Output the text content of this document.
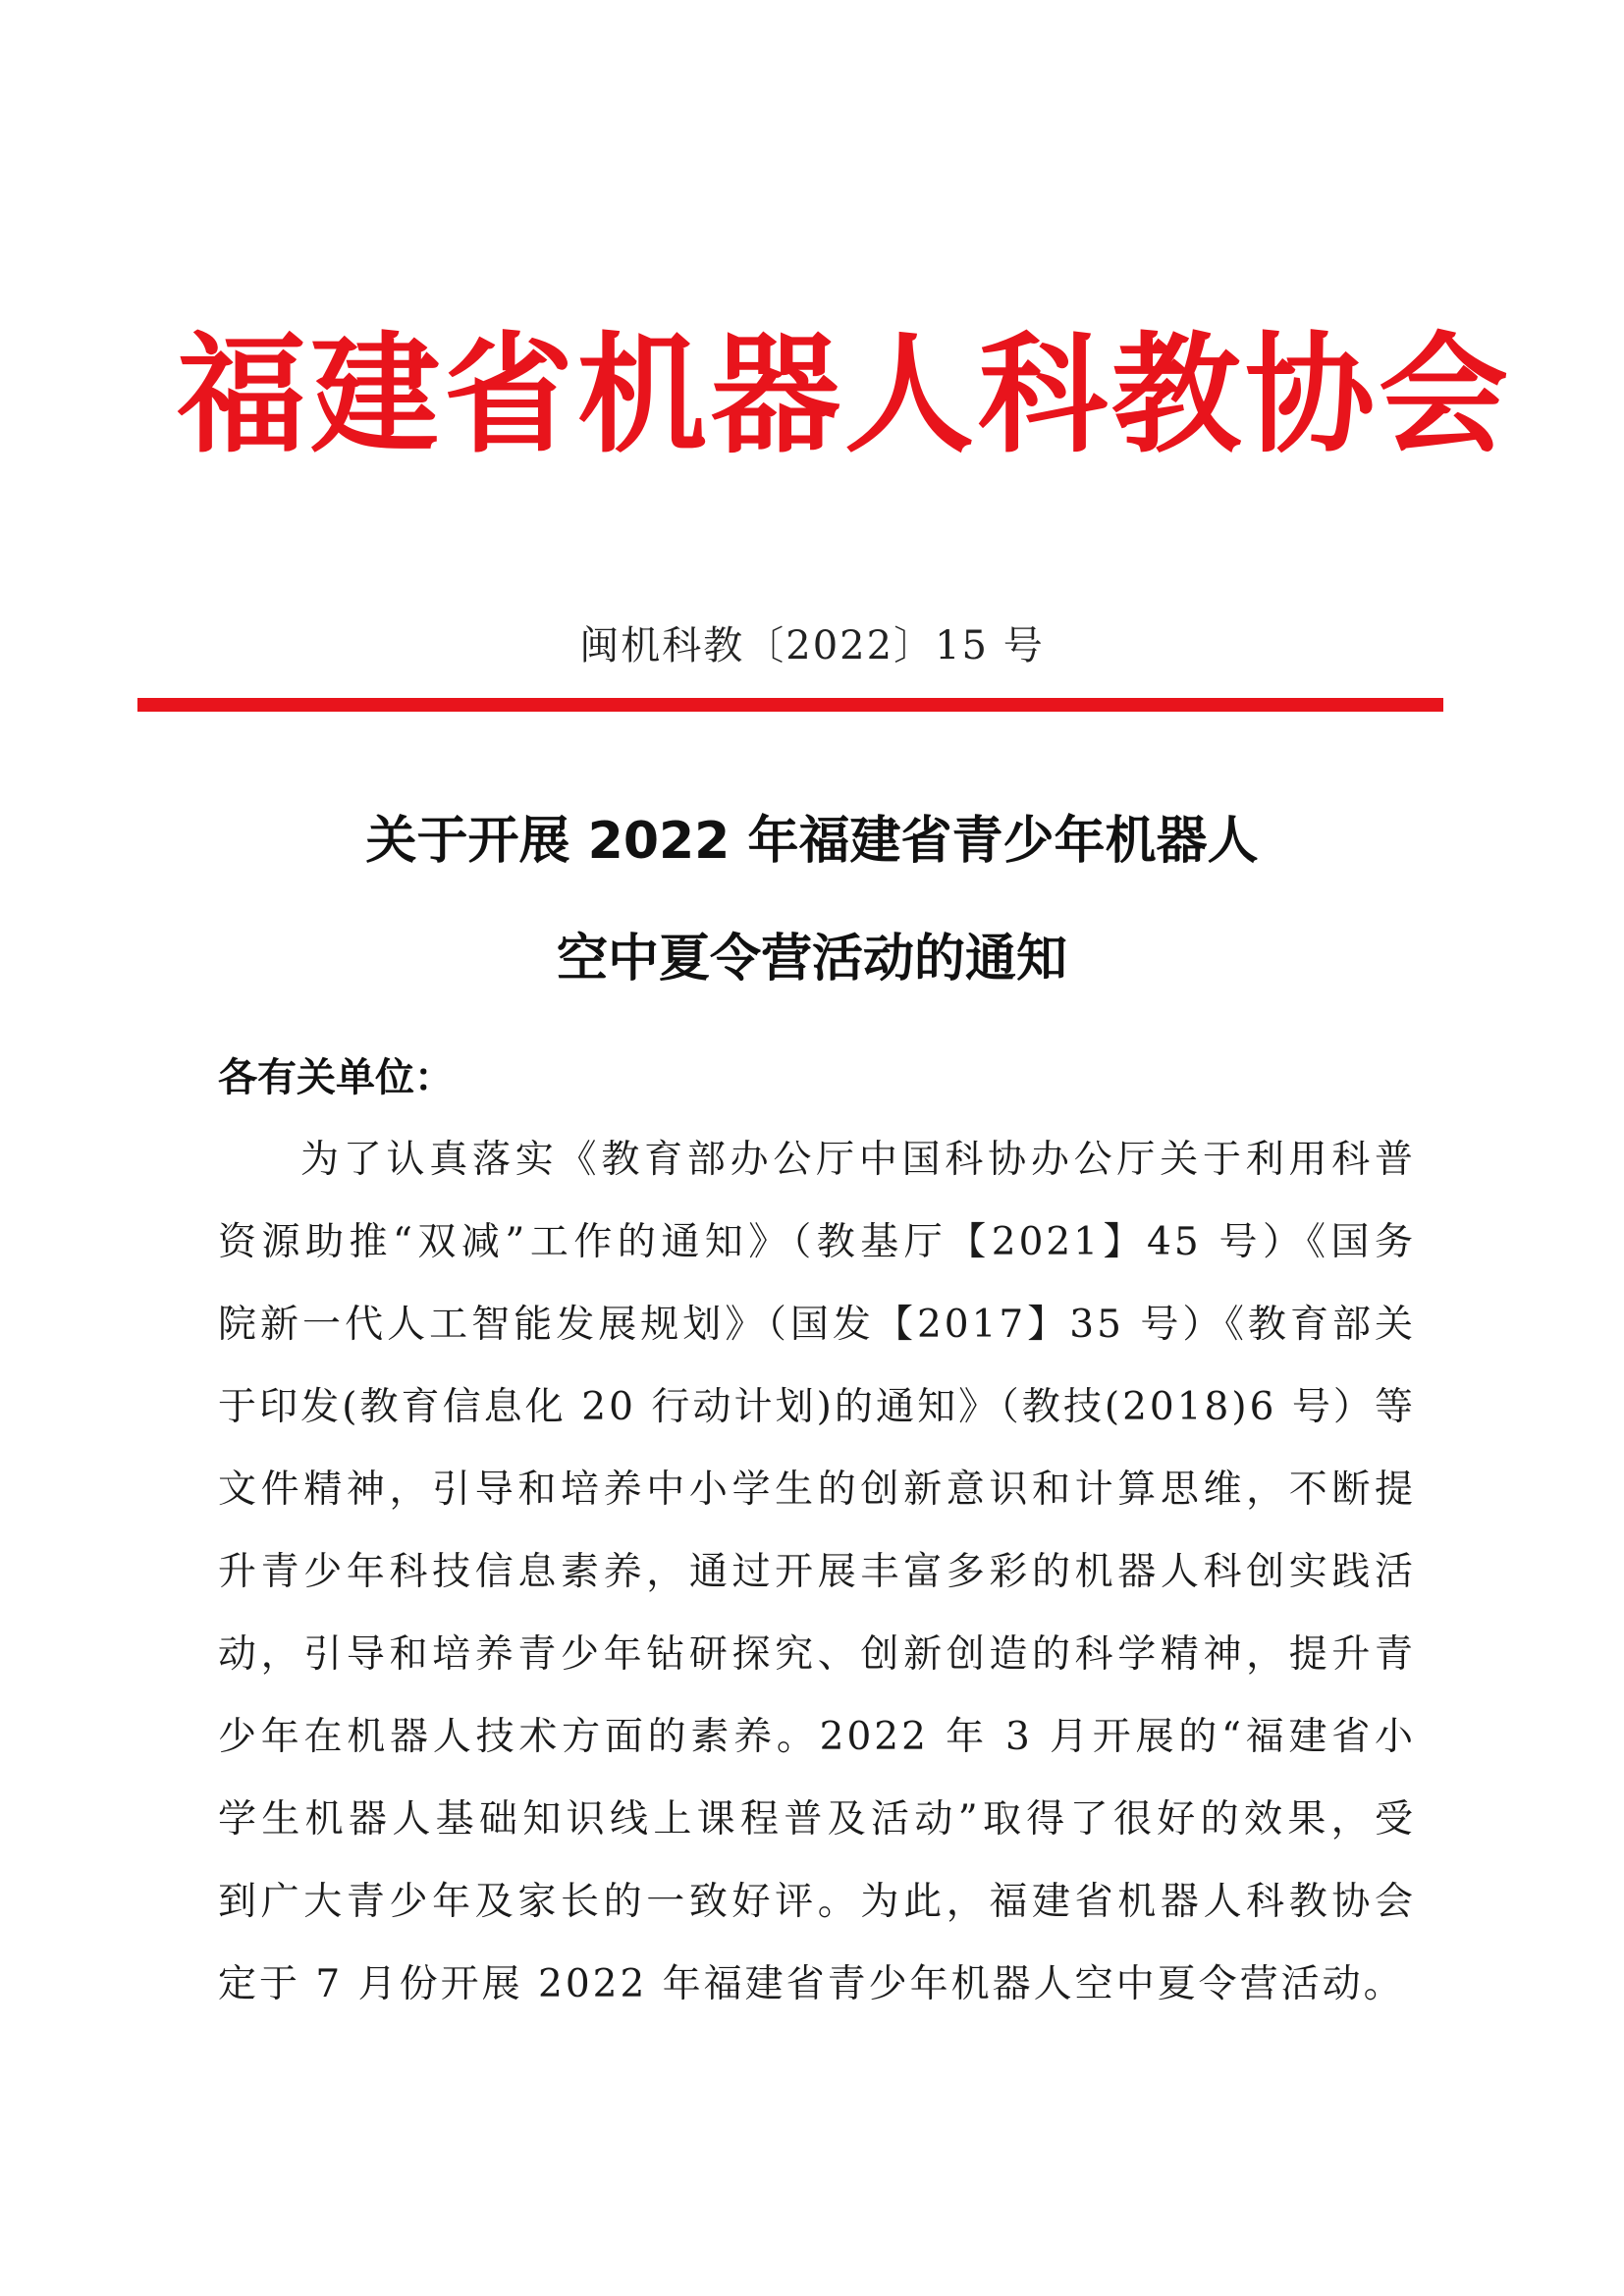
福建省机器人科教协会
闽机科教〔2022〕15 号
关于开展 2022 年福建省青少年机器人
空中夏令营活动的通知
各有关单位：
为了认真落实《教育部办公厅中国科协办公厅关于利用科普
资源助推“双减”工作的通知》（教基厅【2021】45 号）《国务
院新一代人工智能发展规划》（国发【2017】35 号）《教育部关
于印发(教育信息化 20 行动计划)的通知》（教技(2018)6 号）等
文件精神，引导和培养中小学生的创新意识和计算思维，不断提
升青少年科技信息素养，通过开展丰富多彩的机器人科创实践活
动，引导和培养青少年钻研探究、创新创造的科学精神，提升青
少年在机器人技术方面的素养。2022 年 3 月开展的“福建省小
学生机器人基础知识线上课程普及活动”取得了很好的效果，受
到广大青少年及家长的一致好评。为此，福建省机器人科教协会
定于 7 月份开展 2022 年福建省青少年机器人空中夏令营活动。
